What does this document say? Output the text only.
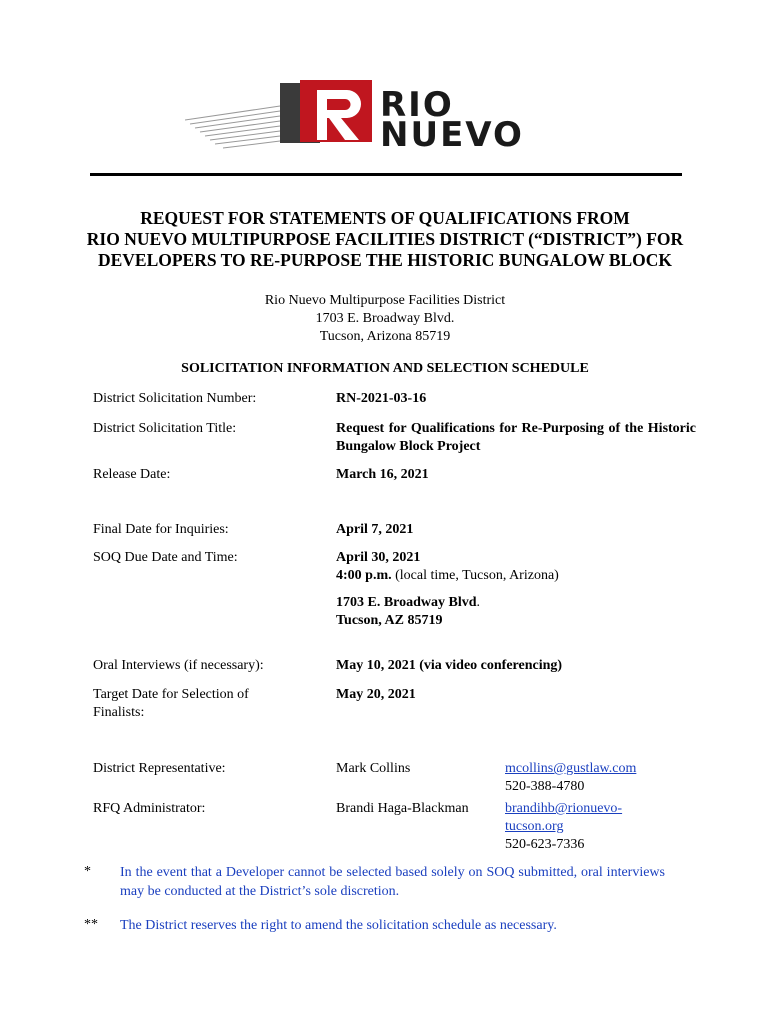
RIO
NUEVO
REQUEST FOR STATEMENTS OF QUALIFICATIONS FROM
RIO NUEVO MULTIPURPOSE FACILITIES DISTRICT (“DISTRICT”) FOR
DEVELOPERS TO RE-PURPOSE THE HISTORIC BUNGALOW BLOCK
Rio Nuevo Multipurpose Facilities District
1703 E. Broadway Blvd.
Tucson, Arizona 85719
SOLICITATION INFORMATION AND SELECTION SCHEDULE
District Solicitation Number:	RN-2021-03-16
District Solicitation Title:	Request for Qualifications for Re-Purposing of the Historic Bungalow Block Project
Release Date:	March 16, 2021
Final Date for Inquiries:	April 7, 2021
SOQ Due Date and Time:	April 30, 2021
4:00 p.m. (local time, Tucson, Arizona)
1703 E. Broadway Blvd.
Tucson, AZ 85719
Oral Interviews (if necessary):	May 10, 2021 (via video conferencing)
Target Date for Selection of Finalists:
May 20, 2021
District Representative:	Mark Collins	mcollins@gustlaw.com
520-388-4780
RFQ Administrator:	Brandi Haga-Blackman	brandihb@rionuevo-
tucson.org
520-623-7336
* In the event that a Developer cannot be selected based solely on SOQ submitted, oral interviews may be conducted at the District’s sole discretion.
** The District reserves the right to amend the solicitation schedule as necessary.
